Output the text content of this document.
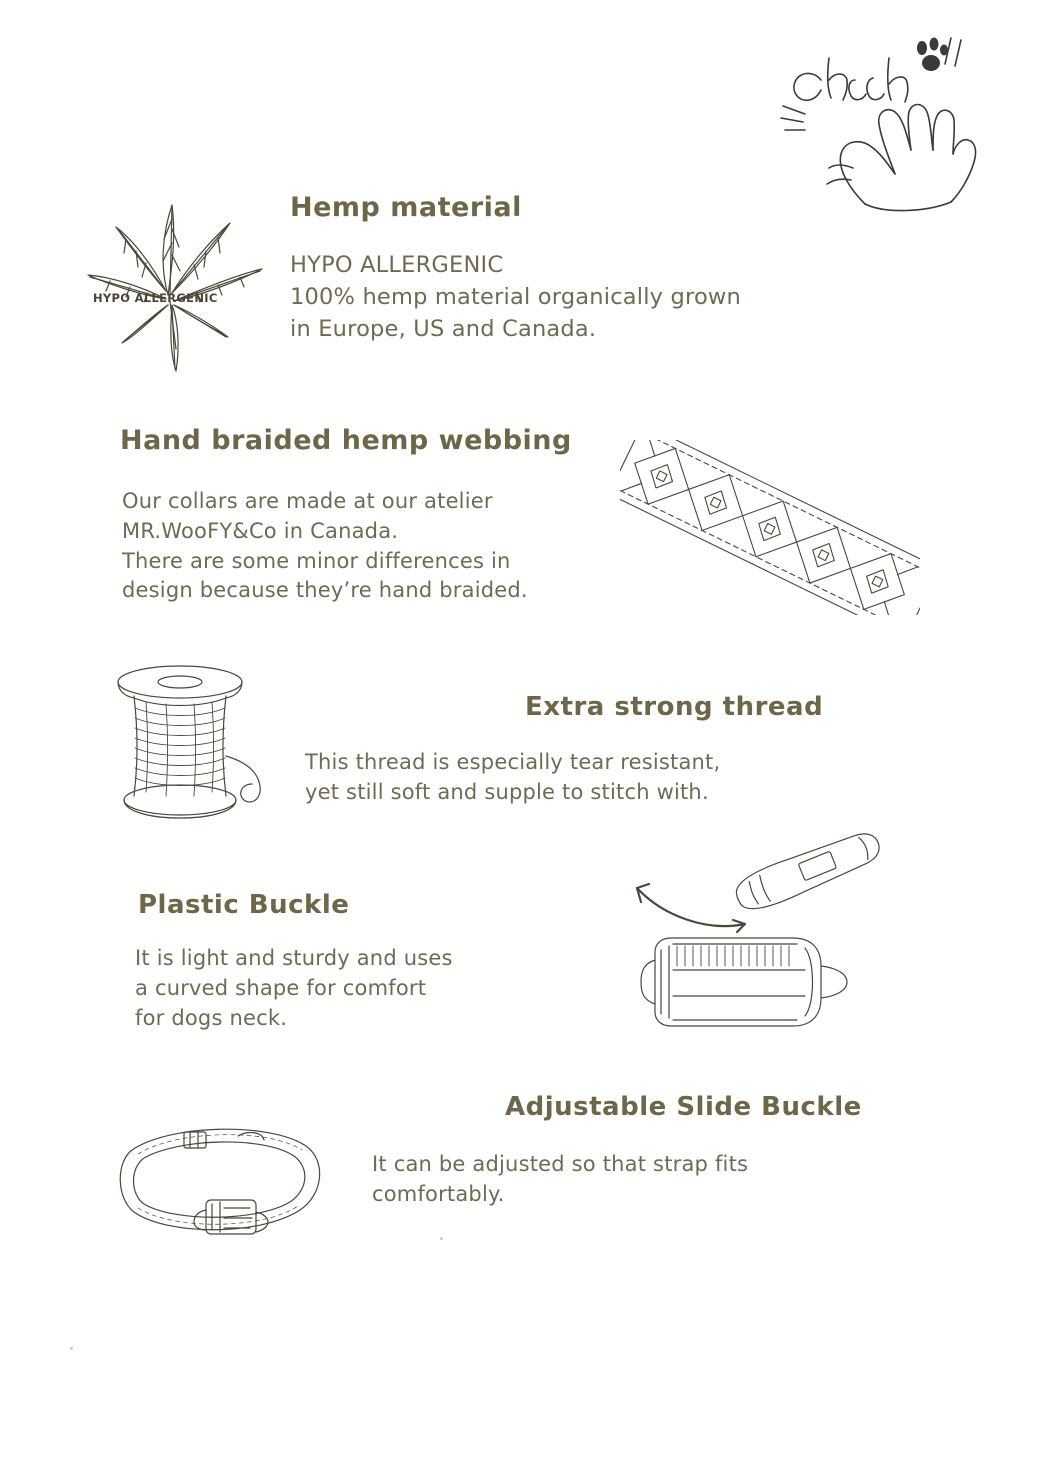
HYPO ALLERGENIC
Hemp material
HYPO ALLERGENIC
100% hemp material organically grown
in Europe, US and Canada.
Hand braided hemp webbing
Our collars are made at our atelier
MR.WooFY&Co in Canada.
There are some minor differences in
design because they’re hand braided.
Extra strong thread
This thread is especially tear resistant,
yet still soft and supple to stitch with.
Plastic Buckle
It is light and sturdy and uses
a curved shape for comfort
for dogs neck.
Adjustable Slide Buckle
It can be adjusted so that strap fits
comfortably.
